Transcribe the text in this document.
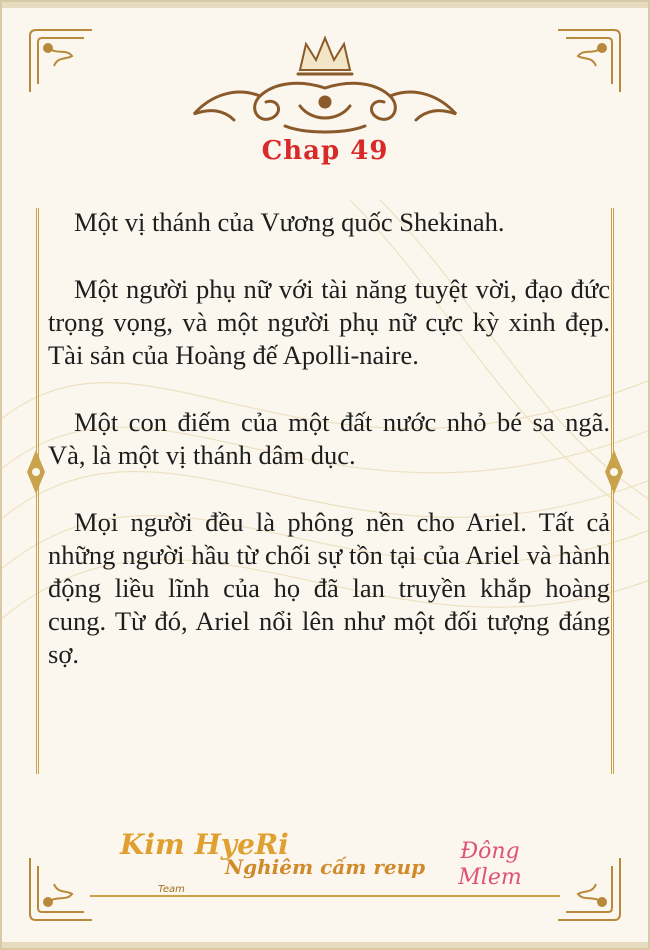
Chap 49

Một vị thánh của Vương quốc Shekinah.

Một người phụ nữ với tài năng tuyệt vời, đạo đức trọng vọng, và một người phụ nữ cực kỳ xinh đẹp. Tài sản của Hoàng đế Apolli-naire.

Một con điếm của một đất nước nhỏ bé sa ngã. Và, là một vị thánh dâm dục.

Mọi người đều là phông nền cho Ariel. Tất cả những người hầu từ chối sự tồn tại của Ariel và hành động liều lĩnh của họ đã lan truyền khắp hoàng cung. Từ đó, Ariel nổi lên như một đối tượng đáng sợ.

Kim HyeRi
Team
Nghiêm cấm reup
Đông
Mlem
